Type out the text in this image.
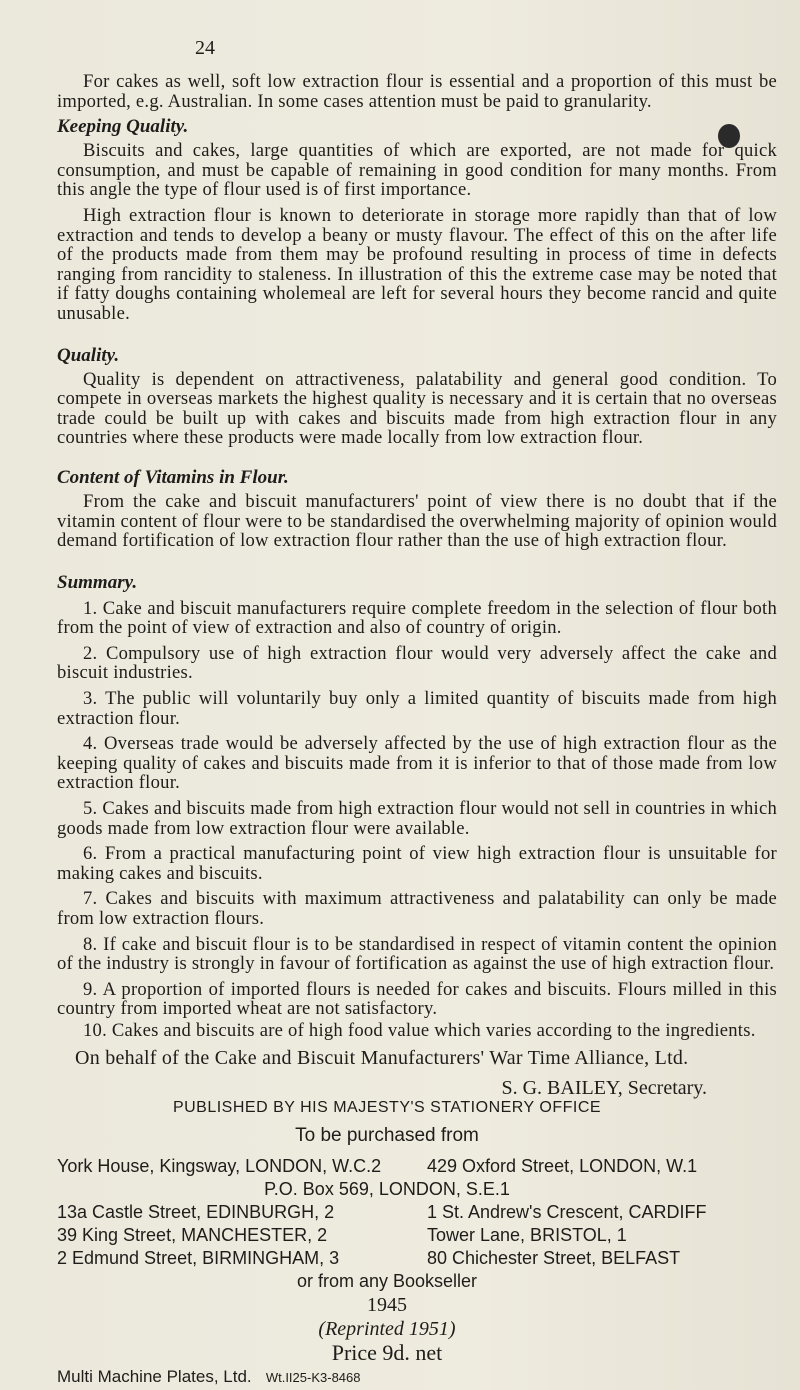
24

For cakes as well, soft low extraction flour is essential and a proportion of this must be imported, e.g. Australian. In some cases attention must be paid to granularity.

Keeping Quality.

Biscuits and cakes, large quantities of which are exported, are not made for quick consumption, and must be capable of remaining in good condition for many months. From this angle the type of flour used is of first importance.

High extraction flour is known to deteriorate in storage more rapidly than that of low extraction and tends to develop a beany or musty flavour. The effect of this on the after life of the products made from them may be profound resulting in process of time in defects ranging from rancidity to staleness. In illustration of this the extreme case may be noted that if fatty doughs containing wholemeal are left for several hours they become rancid and quite unusable.

Quality.

Quality is dependent on attractiveness, palatability and general good condition. To compete in overseas markets the highest quality is necessary and it is certain that no overseas trade could be built up with cakes and biscuits made from high extraction flour in any countries where these products were made locally from low extraction flour.

Content of Vitamins in Flour.

From the cake and biscuit manufacturers' point of view there is no doubt that if the vitamin content of flour were to be standardised the overwhelming majority of opinion would demand fortification of low extraction flour rather than the use of high extraction flour.

Summary.

1. Cake and biscuit manufacturers require complete freedom in the selection of flour both from the point of view of extraction and also of country of origin.

2. Compulsory use of high extraction flour would very adversely affect the cake and biscuit industries.

3. The public will voluntarily buy only a limited quantity of biscuits made from high extraction flour.

4. Overseas trade would be adversely affected by the use of high extraction flour as the keeping quality of cakes and biscuits made from it is inferior to that of those made from low extraction flour.

5. Cakes and biscuits made from high extraction flour would not sell in countries in which goods made from low extraction flour were available.

6. From a practical manufacturing point of view high extraction flour is unsuitable for making cakes and biscuits.

7. Cakes and biscuits with maximum attractiveness and palatability can only be made from low extraction flours.

8. If cake and biscuit flour is to be standardised in respect of vitamin content the opinion of the industry is strongly in favour of fortification as against the use of high extraction flour.

9. A proportion of imported flours is needed for cakes and biscuits. Flours milled in this country from imported wheat are not satisfactory.

10. Cakes and biscuits are of high food value which varies according to the ingredients.

On behalf of the Cake and Biscuit Manufacturers' War Time Alliance, Ltd.

S. G. BAILEY, Secretary.
PUBLISHED BY HIS MAJESTY'S STATIONERY OFFICE
To be purchased from
York House, Kingsway, LONDON, W.C.2	429 Oxford Street, LONDON, W.1
P.O. Box 569, LONDON, S.E.1
13a Castle Street, EDINBURGH, 2	1 St. Andrew's Crescent, CARDIFF
39 King Street, MANCHESTER, 2	Tower Lane, BRISTOL, 1
2 Edmund Street, BIRMINGHAM, 3	80 Chichester Street, BELFAST
or from any Bookseller
1945
(Reprinted 1951)
Price 9d. net
Multi Machine Plates, Ltd. Wt.II25-K3-8468
